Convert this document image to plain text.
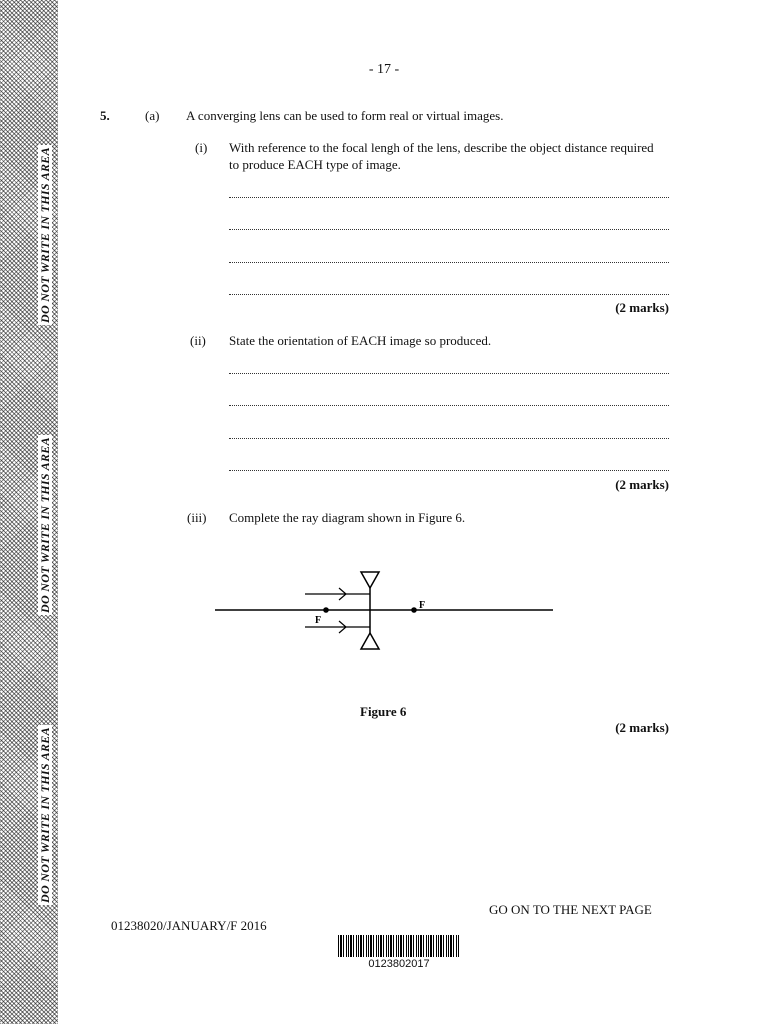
DO NOT WRITE IN THIS AREA
DO NOT WRITE IN THIS AREA
DO NOT WRITE IN THIS AREA
- 17 -
5.	(a) A converging lens can be used to form real or virtual images.
(i) With reference to the focal lengh of the lens, describe the object distance required
to produce EACH type of image.
(2 marks)
(ii) State the orientation of EACH image so produced.
(2 marks)
(iii) Complete the ray diagram shown in Figure 6.
F
F
Figure 6
(2 marks)
GO ON TO THE NEXT PAGE
01238020/JANUARY/F 2016
0123802017
